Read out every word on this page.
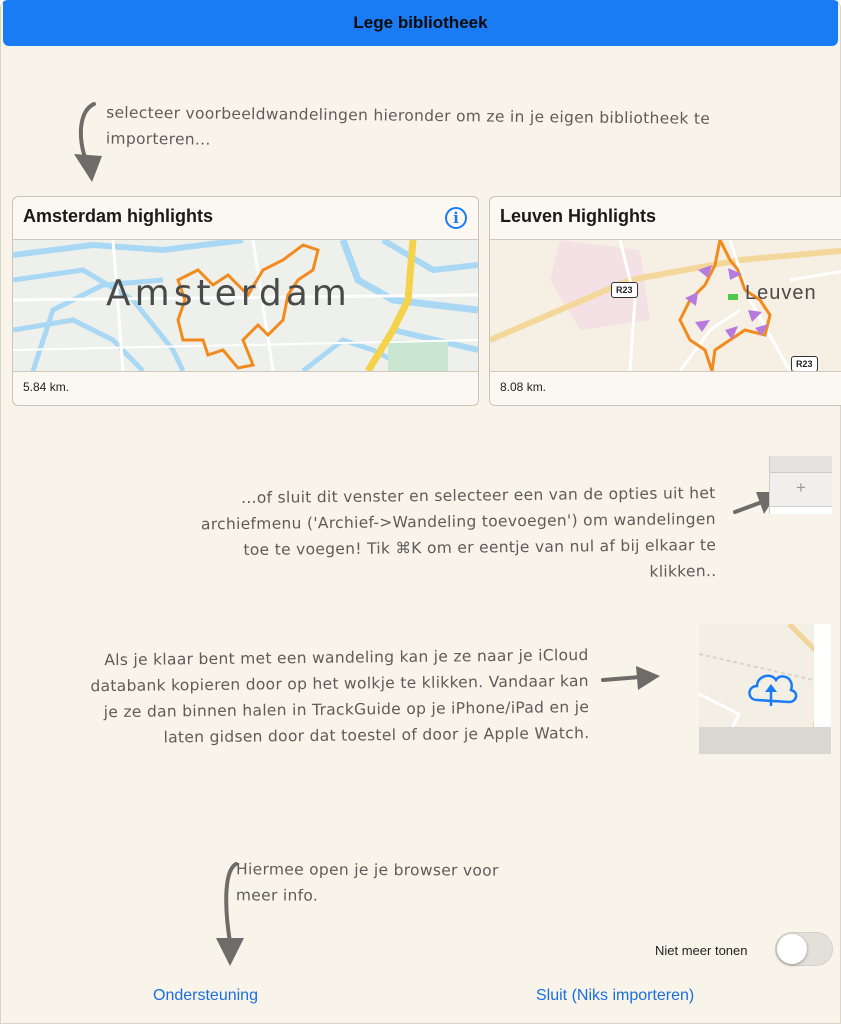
Lege bibliotheek
selecteer voorbeeldwandelingen hieronder om ze in je eigen bibliotheek te importeren...
Amsterdam highlights	i
Amsterdam
5.84 km.
Leuven Highlights
R23
R23
Leuven
8.08 km.
...of sluit dit venster en selecteer een van de opties uit het
archiefmenu ('Archief->Wandeling toevoegen') om wandelingen
toe te voegen! Tik ⌘K om er eentje van nul af bij elkaar te
klikken..
+
Als je klaar bent met een wandeling kan je ze naar je iCloud
databank kopieren door op het wolkje te klikken. Vandaar kan
je ze dan binnen halen in TrackGuide op je iPhone/iPad en je
laten gidsen door dat toestel of door je Apple Watch.
Hiermee open je je browser voor meer info.
Niet meer tonen
Ondersteuning	Sluit (Niks importeren)
